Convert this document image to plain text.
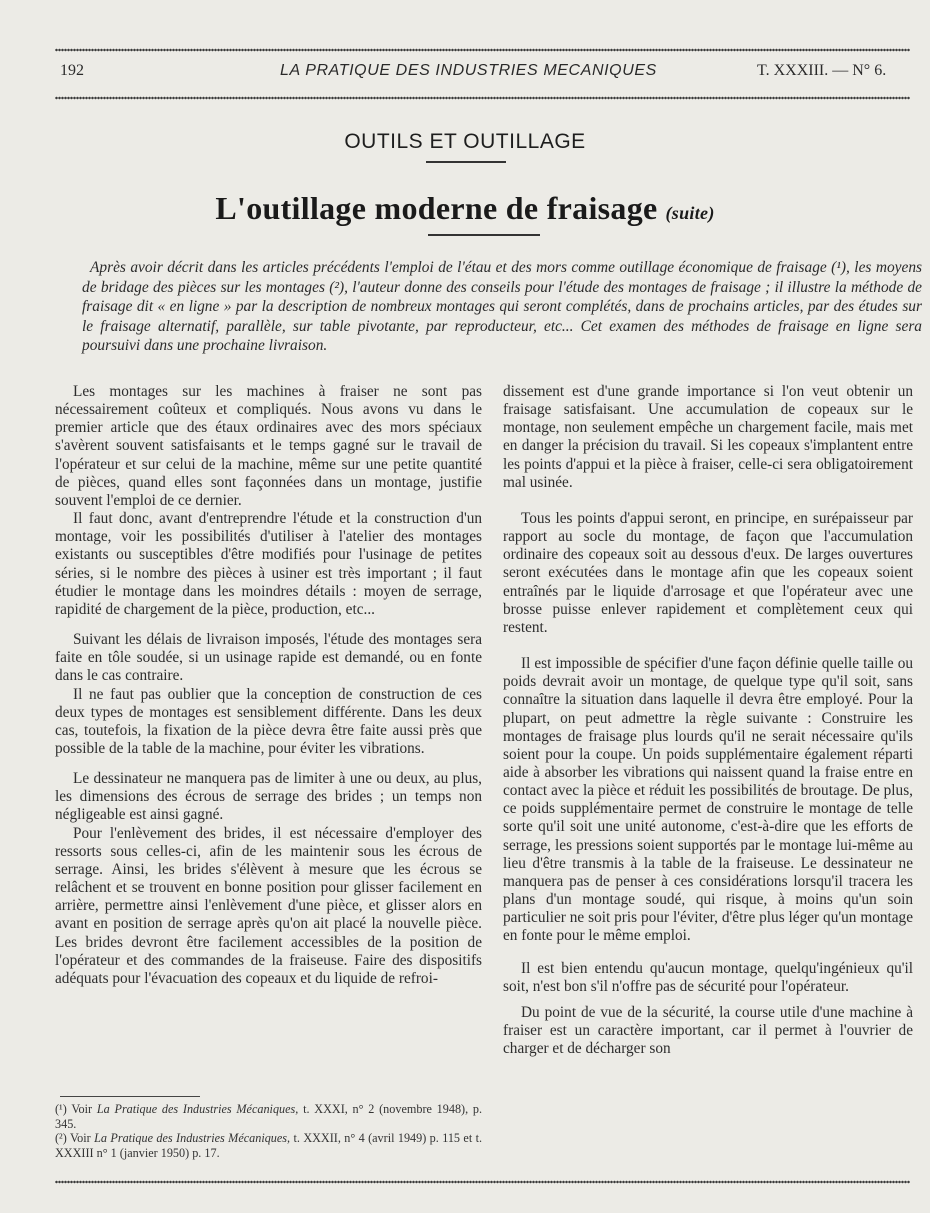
192	LA PRATIQUE DES INDUSTRIES MECANIQUES	T. XXXIII. — N° 6.
OUTILS ET OUTILLAGE
L'outillage moderne de fraisage (suite)
Après avoir décrit dans les articles précédents l'emploi de l'étau et des mors comme outillage économique de fraisage (¹), les moyens de bridage des pièces sur les montages (²), l'auteur donne des conseils pour l'étude des montages de fraisage ; il illustre la méthode de fraisage dit « en ligne » par la description de nombreux montages qui seront complétés, dans de prochains articles, par des études sur le fraisage alternatif, parallèle, sur table pivotante, par reproducteur, etc... Cet examen des méthodes de fraisage en ligne sera poursuivi dans une prochaine livraison.

Les montages sur les machines à fraiser ne sont pas nécessairement coûteux et compliqués. Nous avons vu dans le premier article que des étaux ordinaires avec des mors spéciaux s'avèrent souvent satisfaisants et le temps gagné sur le travail de l'opérateur et sur celui de la machine, même sur une petite quantité de pièces, quand elles sont façonnées dans un montage, justifie souvent l'emploi de ce dernier.

Il faut donc, avant d'entreprendre l'étude et la construction d'un montage, voir les possibilités d'utiliser à l'atelier des montages existants ou susceptibles d'être modifiés pour l'usinage de petites séries, si le nombre des pièces à usiner est très important ; il faut étudier le montage dans les moindres détails : moyen de serrage, rapidité de chargement de la pièce, production, etc...

Suivant les délais de livraison imposés, l'étude des montages sera faite en tôle soudée, si un usinage rapide est demandé, ou en fonte dans le cas contraire.

Il ne faut pas oublier que la conception de construction de ces deux types de montages est sensiblement différente. Dans les deux cas, toutefois, la fixation de la pièce devra être faite aussi près que possible de la table de la machine, pour éviter les vibrations.

Le dessinateur ne manquera pas de limiter à une ou deux, au plus, les dimensions des écrous de serrage des brides ; un temps non négligeable est ainsi gagné.

Pour l'enlèvement des brides, il est nécessaire d'employer des ressorts sous celles-ci, afin de les maintenir sous les écrous de serrage. Ainsi, les brides s'élèvent à mesure que les écrous se relâchent et se trouvent en bonne position pour glisser facilement en arrière, permettre ainsi l'enlèvement d'une pièce, et glisser alors en avant en position de serrage après qu'on ait placé la nouvelle pièce. Les brides devront être facilement accessibles de la position de l'opérateur et des commandes de la fraiseuse. Faire des dispositifs adéquats pour l'évacuation des copeaux et du liquide de refroi-

dissement est d'une grande importance si l'on veut obtenir un fraisage satisfaisant. Une accumulation de copeaux sur le montage, non seulement empêche un chargement facile, mais met en danger la précision du travail. Si les copeaux s'implantent entre les points d'appui et la pièce à fraiser, celle-ci sera obligatoirement mal usinée.

Tous les points d'appui seront, en principe, en surépaisseur par rapport au socle du montage, de façon que l'accumulation ordinaire des copeaux soit au dessous d'eux. De larges ouvertures seront exécutées dans le montage afin que les copeaux soient entraînés par le liquide d'arrosage et que l'opérateur avec une brosse puisse enlever rapidement et complètement ceux qui restent.

Il est impossible de spécifier d'une façon définie quelle taille ou poids devrait avoir un montage, de quelque type qu'il soit, sans connaître la situation dans laquelle il devra être employé. Pour la plupart, on peut admettre la règle suivante : Construire les montages de fraisage plus lourds qu'il ne serait nécessaire qu'ils soient pour la coupe. Un poids supplémentaire également réparti aide à absorber les vibrations qui naissent quand la fraise entre en contact avec la pièce et réduit les possibilités de broutage. De plus, ce poids supplémentaire permet de construire le montage de telle sorte qu'il soit une unité autonome, c'est-à-dire que les efforts de serrage, les pressions soient supportés par le montage lui-même au lieu d'être transmis à la table de la fraiseuse. Le dessinateur ne manquera pas de penser à ces considérations lorsqu'il tracera les plans d'un montage soudé, qui risque, à moins qu'un soin particulier ne soit pris pour l'éviter, d'être plus léger qu'un montage en fonte pour le même emploi.

Il est bien entendu qu'aucun montage, quelqu'ingénieux qu'il soit, n'est bon s'il n'offre pas de sécurité pour l'opérateur.

Du point de vue de la sécurité, la course utile d'une machine à fraiser est un caractère important, car il permet à l'ouvrier de charger et de décharger son

(¹) Voir La Pratique des Industries Mécaniques, t. XXXI, n° 2 (novembre 1948), p. 345.
(²) Voir La Pratique des Industries Mécaniques, t. XXXII, n° 4 (avril 1949) p. 115 et t. XXXIII n° 1 (janvier 1950) p. 17.
